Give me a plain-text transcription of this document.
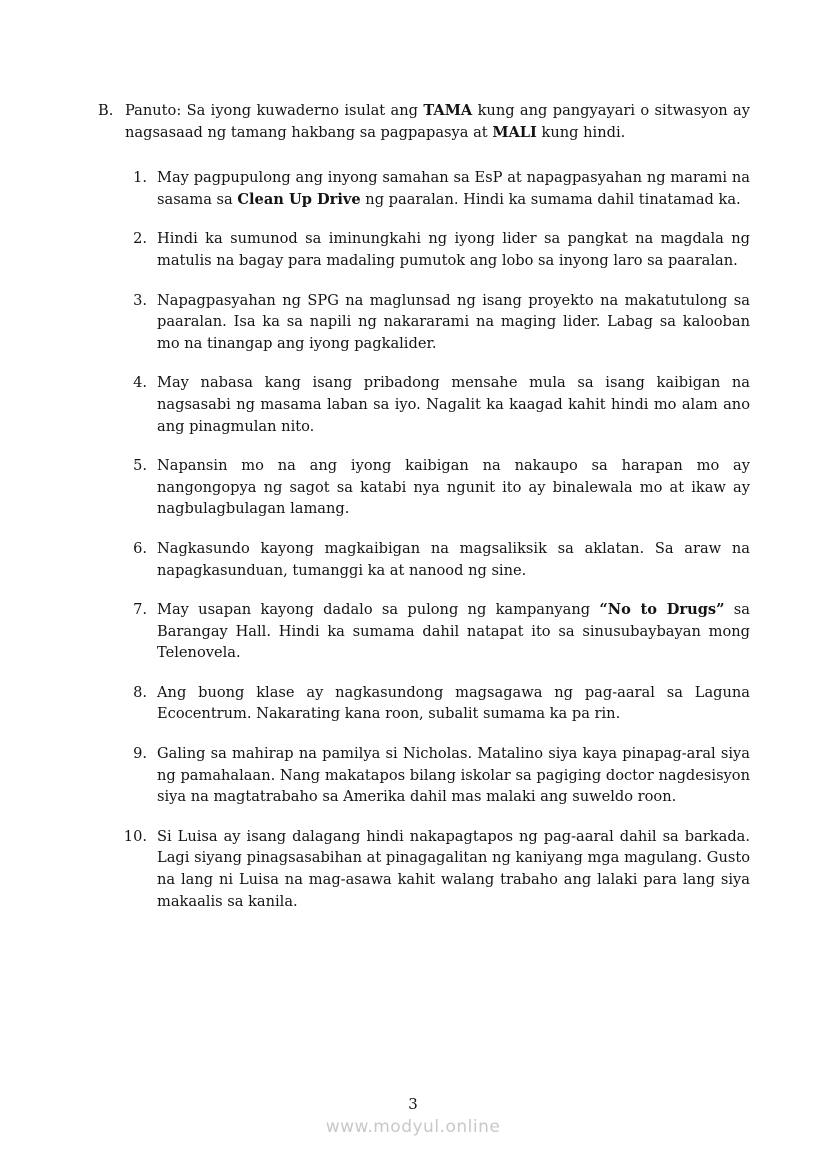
B. Panuto: Sa iyong kuwaderno isulat ang TAMA kung ang pangyayari o sitwasyon ay nagsasaad ng tamang hakbang sa pagpapasya at MALI kung hindi.

1. May pagpupulong ang inyong samahan sa EsP at napagpasyahan ng marami na sasama sa Clean Up Drive ng paaralan. Hindi ka sumama dahil tinatamad ka.

2. Hindi ka sumunod sa iminungkahi ng iyong lider sa pangkat na magdala ng matulis na bagay para madaling pumutok ang lobo sa inyong laro sa paaralan.

3. Napagpasyahan ng SPG na maglunsad ng isang proyekto na makatutulong sa paaralan. Isa ka sa napili ng nakararami na maging lider. Labag sa kalooban mo na tinangap ang iyong pagkalider.

4. May nabasa kang isang pribadong mensahe mula sa isang kaibigan na nagsasabi ng masama laban sa iyo. Nagalit ka kaagad kahit hindi mo alam ano ang pinagmulan nito.

5. Napansin mo na ang iyong kaibigan na nakaupo sa harapan mo ay nangongopya ng sagot sa katabi nya ngunit ito ay binalewala mo at ikaw ay nagbulagbulagan lamang.

6. Nagkasundo kayong magkaibigan na magsaliksik sa aklatan. Sa araw na napagkasunduan, tumanggi ka at nanood ng sine.

7. May usapan kayong dadalo sa pulong ng kampanyang “No to Drugs” sa Barangay Hall. Hindi ka sumama dahil natapat ito sa sinusubaybayan mong Telenovela.

8. Ang buong klase ay nagkasundong magsagawa ng pag-aaral sa Laguna Ecocentrum. Nakarating kana roon, subalit sumama ka pa rin.

9. Galing sa mahirap na pamilya si Nicholas. Matalino siya kaya pinapag-aral siya ng pamahalaan. Nang makatapos bilang iskolar sa pagiging doctor nagdesisyon siya na magtatrabaho sa Amerika dahil mas malaki ang suweldo roon.

10. Si Luisa ay isang dalagang hindi nakapagtapos ng pag-aaral dahil sa barkada. Lagi siyang pinagsasabihan at pinagagalitan ng kaniyang mga magulang. Gusto na lang ni Luisa na mag-asawa kahit walang trabaho ang lalaki para lang siya makaalis sa kanila.

3
www.modyul.online
